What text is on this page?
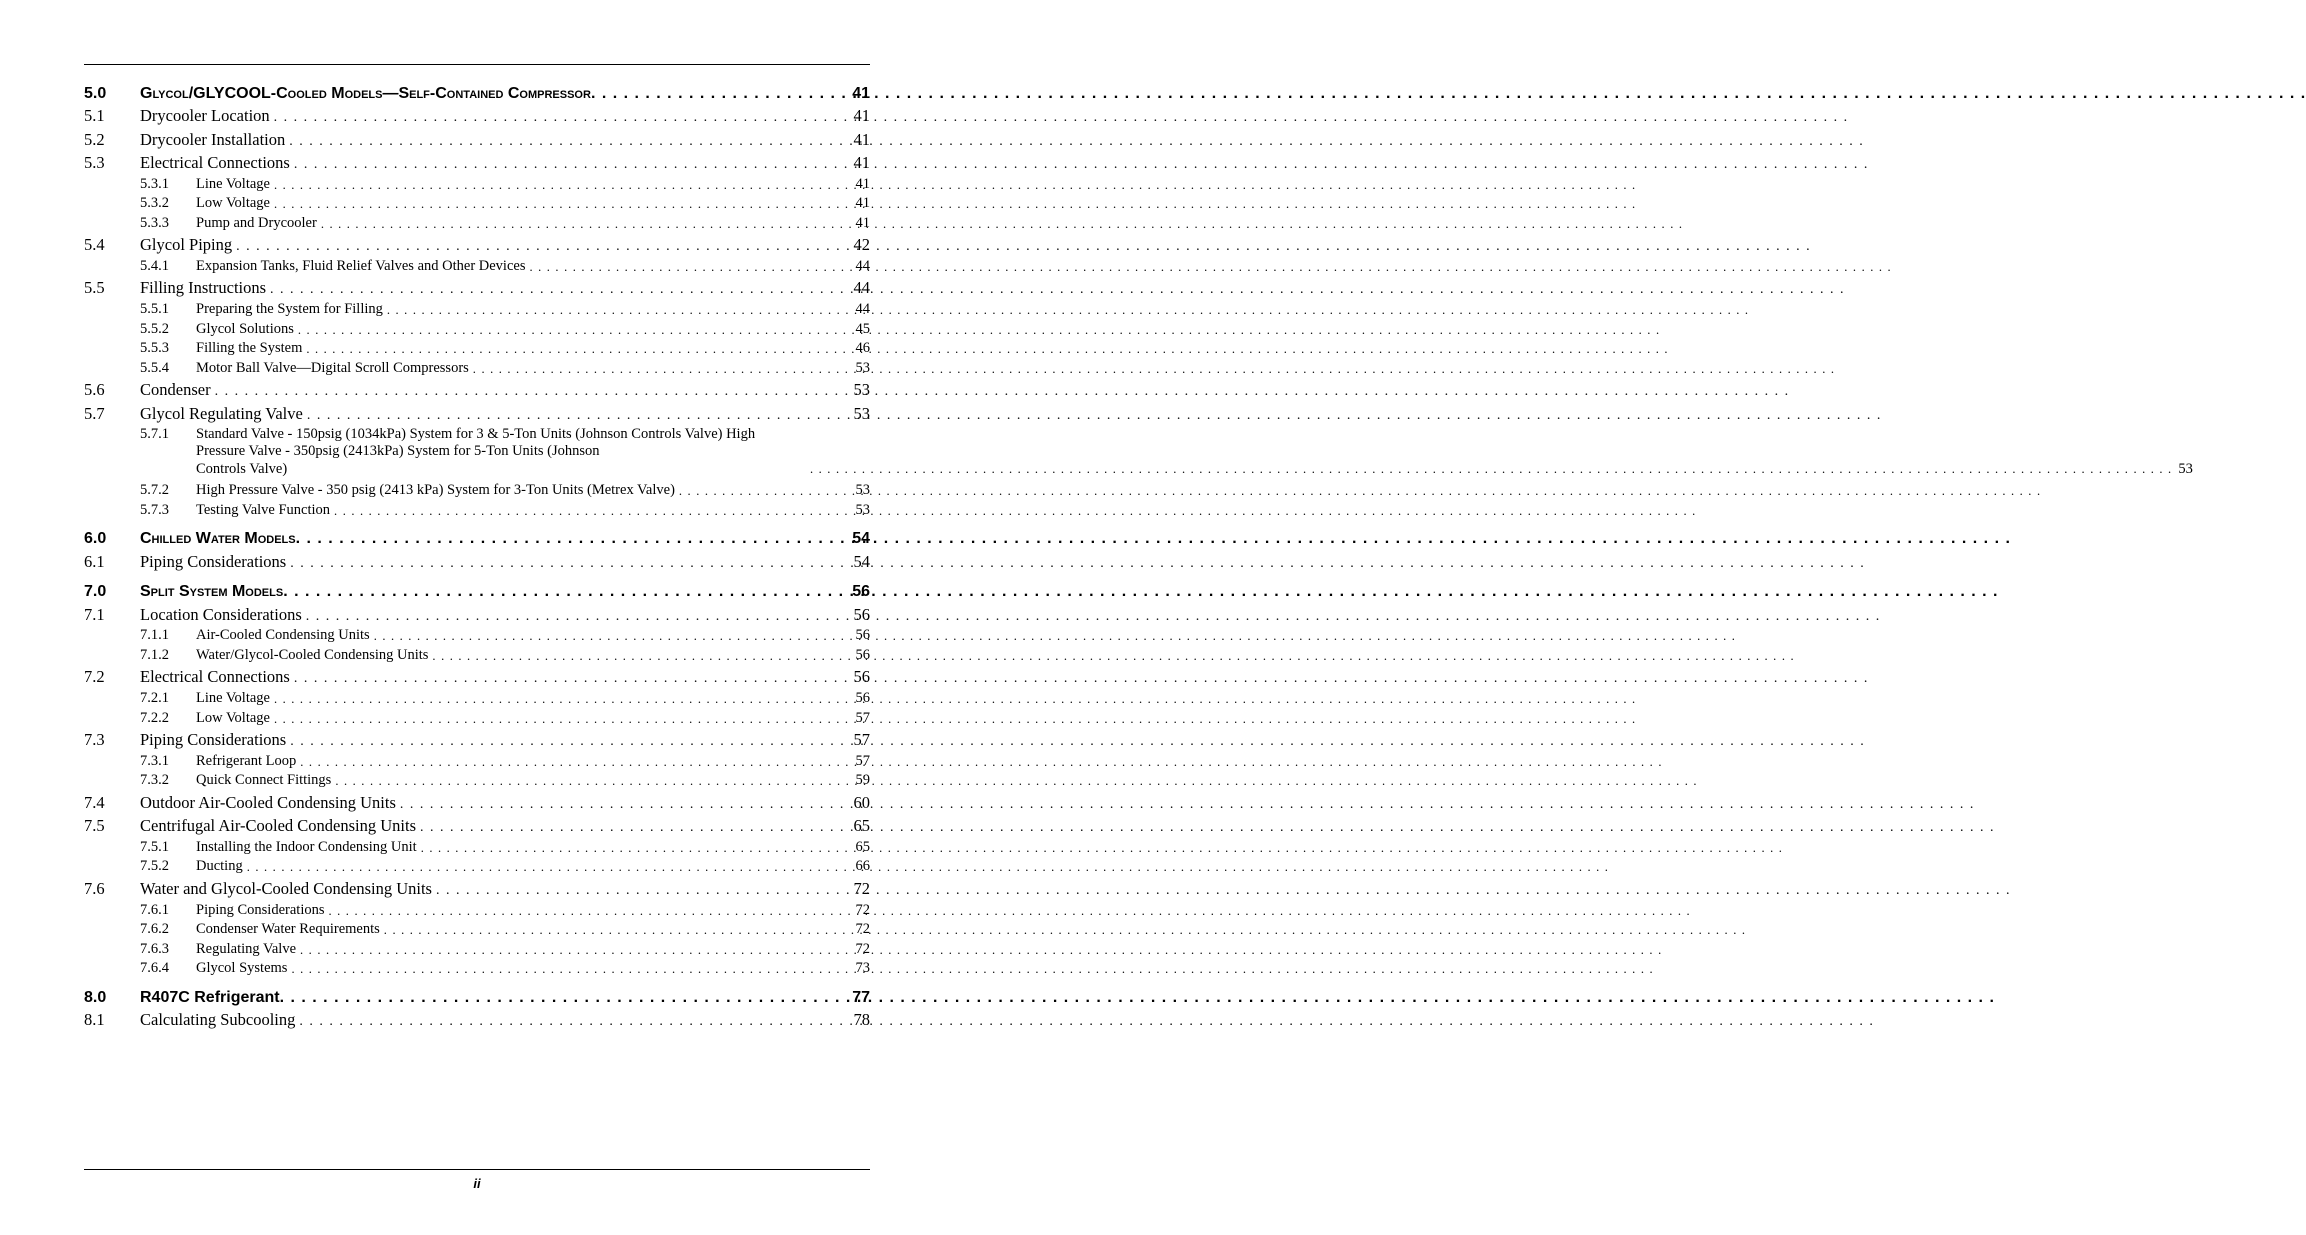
5.0	Glycol/GLYCOOL-Cooled Models—Self-Contained Compressor . . .	41
5.1	Drycooler Location . . .	41
5.2	Drycooler Installation . . .	41
5.3	Electrical Connections . . .	41
5.3.1	Line Voltage . . .	41
5.3.2	Low Voltage . . .	41
5.3.3	Pump and Drycooler . . .	41
5.4	Glycol Piping . . .	42
5.4.1	Expansion Tanks, Fluid Relief Valves and Other Devices . . .	44
5.5	Filling Instructions . . .	44
5.5.1	Preparing the System for Filling . . .	44
5.5.2	Glycol Solutions . . .	45
5.5.3	Filling the System . . .	46
5.5.4	Motor Ball Valve—Digital Scroll Compressors . . .	53
5.6	Condenser . . .	53
5.7	Glycol Regulating Valve . . .	53
5.7.1	Standard Valve - 150psig (1034kPa) System for 3 & 5-Ton Units (Johnson Controls Valve) High Pressure Valve - 350psig (2413kPa) System for 5-Ton Units (Johnson
Controls Valve) . . .	53
5.7.2	High Pressure Valve - 350 psig (2413 kPa) System for 3-Ton Units (Metrex Valve) . . .	53
5.7.3	Testing Valve Function . . .	53
6.0	Chilled Water Models . . .	54
6.1	Piping Considerations . . .	54
7.0	Split System Models . . .	56
7.1	Location Considerations . . .	56
7.1.1	Air-Cooled Condensing Units . . .	56
7.1.2	Water/Glycol-Cooled Condensing Units . . .	56
7.2	Electrical Connections . . .	56
7.2.1	Line Voltage . . .	56
7.2.2	Low Voltage . . .	57
7.3	Piping Considerations . . .	57
7.3.1	Refrigerant Loop . . .	57
7.3.2	Quick Connect Fittings . . .	59
7.4	Outdoor Air-Cooled Condensing Units . . .	60
7.5	Centrifugal Air-Cooled Condensing Units . . .	65
7.5.1	Installing the Indoor Condensing Unit . . .	65
7.5.2	Ducting . . .	66
7.6	Water and Glycol-Cooled Condensing Units . . .	72
7.6.1	Piping Considerations . . .	72
7.6.2	Condenser Water Requirements . . .	72
7.6.3	Regulating Valve . . .	72
7.6.4	Glycol Systems . . .	73
8.0	R407C Refrigerant . . .	77
8.1	Calculating Subcooling . . .	78
ii
